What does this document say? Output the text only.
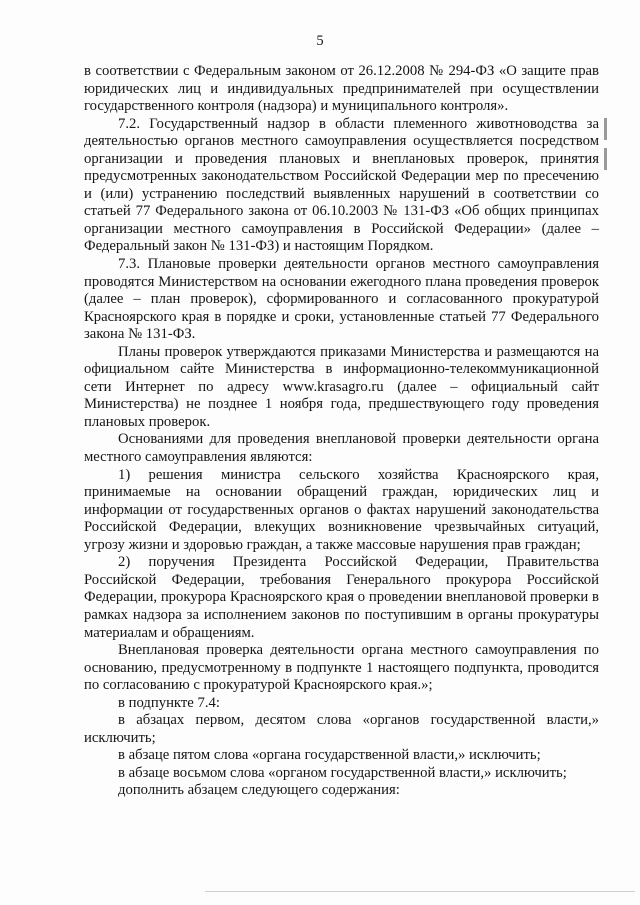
5

в соответствии с Федеральным законом от 26.12.2008 № 294-ФЗ «О защите прав юридических лиц и индивидуальных предпринимателей при осуществлении государственного контроля (надзора) и муниципального контроля».

7.2. Государственный надзор в области племенного животноводства за деятельностью органов местного самоуправления осуществляется посредством организации и проведения плановых и внеплановых проверок, принятия предусмотренных законодательством Российской Федерации мер по пресечению и (или) устранению последствий выявленных нарушений в соответствии со статьей 77 Федерального закона от 06.10.2003 № 131-ФЗ «Об общих принципах организации местного самоуправления в Российской Федерации» (далее – Федеральный закон № 131-ФЗ) и настоящим Порядком.

7.3. Плановые проверки деятельности органов местного самоуправления проводятся Министерством на основании ежегодного плана проведения проверок (далее – план проверок), сформированного и согласованного прокуратурой Красноярского края в порядке и сроки, установленные статьей 77 Федерального закона № 131-ФЗ.

Планы проверок утверждаются приказами Министерства и размещаются на официальном сайте Министерства в информационно-телекоммуникационной сети Интернет по адресу www.krasagro.ru (далее – официальный сайт Министерства) не позднее 1 ноября года, предшествующего году проведения плановых проверок.

Основаниями для проведения внеплановой проверки деятельности органа местного самоуправления являются:

1) решения министра сельского хозяйства Красноярского края, принимаемые на основании обращений граждан, юридических лиц и информации от государственных органов о фактах нарушений законодательства Российской Федерации, влекущих возникновение чрезвычайных ситуаций, угрозу жизни и здоровью граждан, а также массовые нарушения прав граждан;

2) поручения Президента Российской Федерации, Правительства Российской Федерации, требования Генерального прокурора Российской Федерации, прокурора Красноярского края о проведении внеплановой проверки в рамках надзора за исполнением законов по поступившим в органы прокуратуры материалам и обращениям.

Внеплановая проверка деятельности органа местного самоуправления по основанию, предусмотренному в подпункте 1 настоящего подпункта, проводится по согласованию с прокуратурой Красноярского края.»;

в подпункте 7.4:

в абзацах первом, десятом слова «органов государственной власти,» исключить;

в абзаце пятом слова «органа государственной власти,» исключить;

в абзаце восьмом слова «органом государственной власти,» исключить;

дополнить абзацем следующего содержания:
